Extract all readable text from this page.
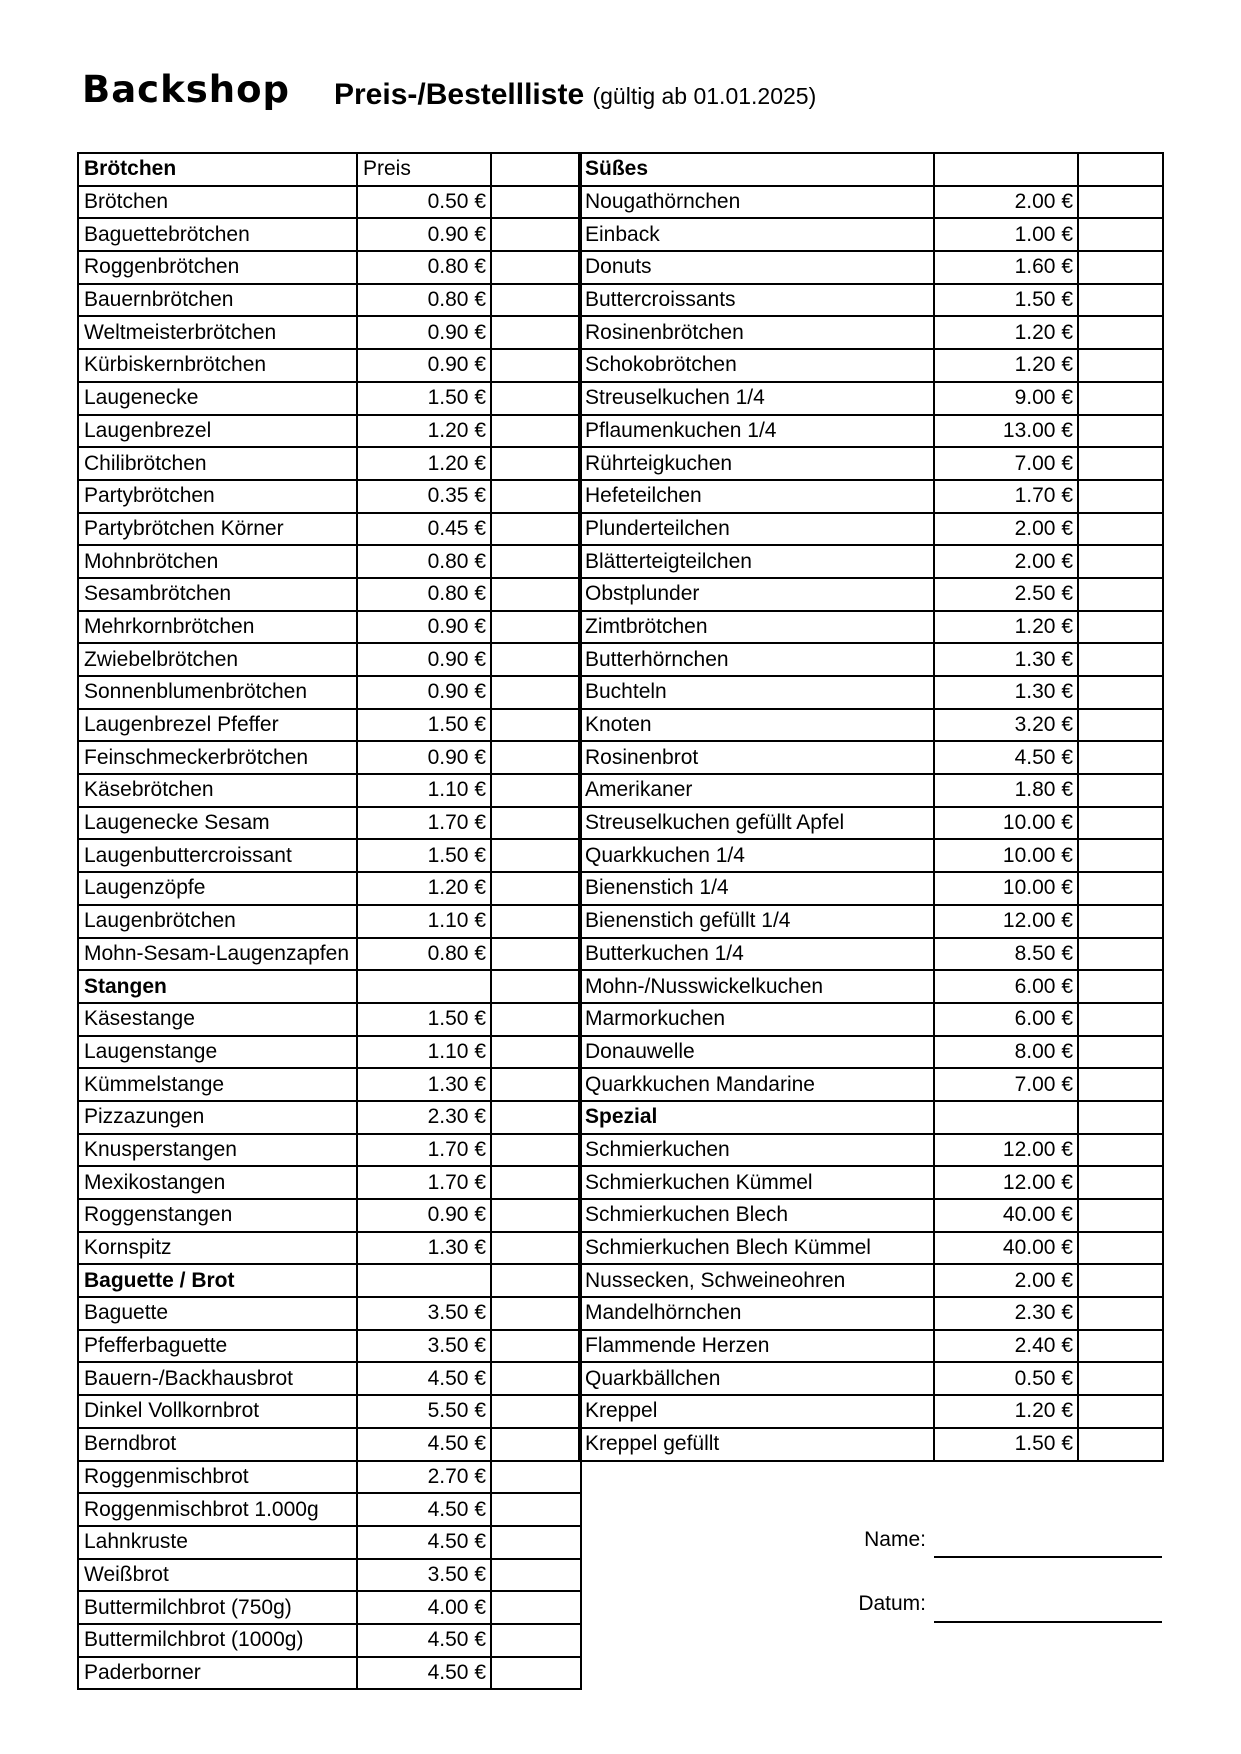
Backshop Preis-/Bestellliste (gültig ab 01.01.2025)
Brötchen	Preis	
Brötchen	0.50 €	
Baguettebrötchen	0.90 €	
Roggenbrötchen	0.80 €	
Bauernbrötchen	0.80 €	
Weltmeisterbrötchen	0.90 €	
Kürbiskernbrötchen	0.90 €	
Laugenecke	1.50 €	
Laugenbrezel	1.20 €	
Chilibrötchen	1.20 €	
Partybrötchen	0.35 €	
Partybrötchen Körner	0.45 €	
Mohnbrötchen	0.80 €	
Sesambrötchen	0.80 €	
Mehrkornbrötchen	0.90 €	
Zwiebelbrötchen	0.90 €	
Sonnenblumenbrötchen	0.90 €	
Laugenbrezel Pfeffer	1.50 €	
Feinschmeckerbrötchen	0.90 €	
Käsebrötchen	1.10 €	
Laugenecke Sesam	1.70 €	
Laugenbuttercroissant	1.50 €	
Laugenzöpfe	1.20 €	
Laugenbrötchen	1.10 €	
Mohn-Sesam-Laugenzapfen	0.80 €	
Stangen		
Käsestange	1.50 €	
Laugenstange	1.10 €	
Kümmelstange	1.30 €	
Pizzazungen	2.30 €	
Knusperstangen	1.70 €	
Mexikostangen	1.70 €	
Roggenstangen	0.90 €	
Kornspitz	1.30 €	
Baguette / Brot		
Baguette	3.50 €	
Pfefferbaguette	3.50 €	
Bauern-/Backhausbrot	4.50 €	
Dinkel Vollkornbrot	5.50 €	
Berndbrot	4.50 €	
Roggenmischbrot	2.70 €	
Roggenmischbrot 1.000g	4.50 €	
Lahnkruste	4.50 €	
Weißbrot	3.50 €	
Buttermilchbrot (750g)	4.00 €	
Buttermilchbrot (1000g)	4.50 €	
Paderborner	4.50 €	
Süßes		
Nougathörnchen	2.00 €	
Einback	1.00 €	
Donuts	1.60 €	
Buttercroissants	1.50 €	
Rosinenbrötchen	1.20 €	
Schokobrötchen	1.20 €	
Streuselkuchen 1/4	9.00 €	
Pflaumenkuchen 1/4	13.00 €	
Rührteigkuchen	7.00 €	
Hefeteilchen	1.70 €	
Plunderteilchen	2.00 €	
Blätterteigteilchen	2.00 €	
Obstplunder	2.50 €	
Zimtbrötchen	1.20 €	
Butterhörnchen	1.30 €	
Buchteln	1.30 €	
Knoten	3.20 €	
Rosinenbrot	4.50 €	
Amerikaner	1.80 €	
Streuselkuchen gefüllt Apfel	10.00 €	
Quarkkuchen 1/4	10.00 €	
Bienenstich 1/4	10.00 €	
Bienenstich gefüllt 1/4	12.00 €	
Butterkuchen 1/4	8.50 €	
Mohn-/Nusswickelkuchen	6.00 €	
Marmorkuchen	6.00 €	
Donauwelle	8.00 €	
Quarkkuchen Mandarine	7.00 €	
Spezial		
Schmierkuchen	12.00 €	
Schmierkuchen Kümmel	12.00 €	
Schmierkuchen Blech	40.00 €	
Schmierkuchen Blech Kümmel	40.00 €	
Nussecken, Schweineohren	2.00 €	
Mandelhörnchen	2.30 €	
Flammende Herzen	2.40 €	
Quarkbällchen	0.50 €	
Kreppel	1.20 €	
Kreppel gefüllt	1.50 €	
Name:
Datum:
